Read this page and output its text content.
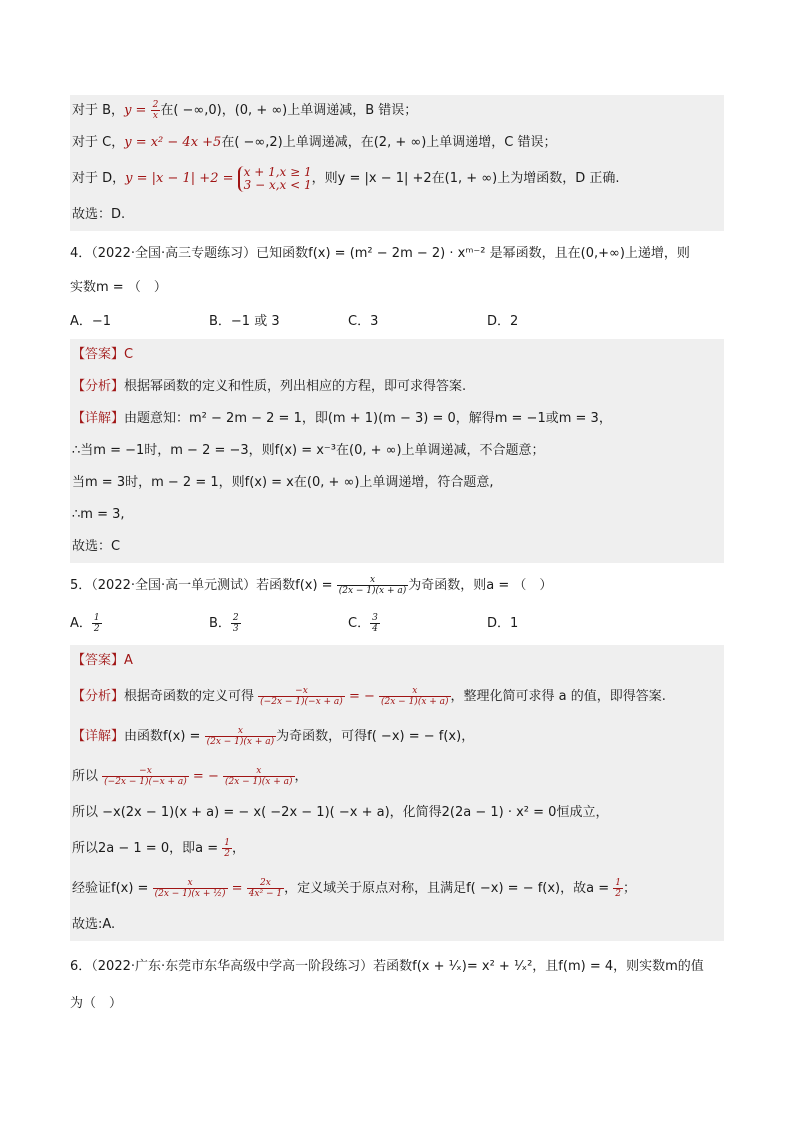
对于 B，$y = \frac{2}{x}$ 在( −∞,0)，(0, + ∞)上单调递减，B 错误；
对于 C，y = x² − 4x +5在( −∞,2)上单调递减，在(2, + ∞)上单调递增，C 错误；
对于 D，y = |x − 1| +2 = x + 1,x ≥ 1
3 − x,x < 1 ，则y = |x − 1| +2在(1, + ∞)上为增函数，D 正确.
故选：D.
4．（2022·全国·高三专题练习）已知函数f(x) = (m² − 2m − 2) · xᵐ⁻² 是幂函数，且在(0,+∞)上递增，则
实数m = （　）
A．−1	B．−1 或 3	C．3	D．2
【答案】C
【分析】根据幂函数的定义和性质，列出相应的方程，即可求得答案.
【详解】由题意知：m² − 2m − 2 = 1，即(m + 1)(m − 3) = 0，解得m = −1或m = 3，
∴当m = −1时，m − 2 = −3，则f(x) = x⁻³在(0, + ∞)上单调递减，不合题意；
当m = 3时，m − 2 = 1，则f(x) = x在(0, + ∞)上单调递增，符合题意,
∴m = 3,
故选：C
5．（2022·全国·高一单元测试）若函数$f(x) = \frac{x}{(2x - 1)(x + a)}$ 为奇函数，则a = （　）
A． $\frac{1}{2}$	B． $\frac{2}{3}$	C． $\frac{3}{4}$	D．1
【答案】A
【分析】根据奇函数的定义可得 $\frac{-x}{(-2x - 1)(-x + a)}$ = − $\frac{x}{(2x - 1)(x + a)}$ ，整理化简可求得 a 的值，即得答案.
【详解】由函数$f(x) = \frac{x}{(2x - 1)(x + a)}$ 为奇函数，可得f( −x) = − f(x)，
所以 $\frac{-x}{(-2x - 1)(-x + a)}$ = − $\frac{x}{(2x - 1)(x + a)}$ ，
所以 −x(2x − 1)(x + a) = − x( −2x − 1)( −x + a)，化简得2(2a − 1) · x² = 0恒成立，
所以2a − 1 = 0，即$a = \frac{1}{2}$ ，
经验证$f(x) = \frac{x}{\text{(2x − 1)(x + ½)}} = \frac{2x}{\text{4x² − 1}}$ ，定义域关于原点对称，且满足f( −x) = − f(x)，故$a = \frac{1}{2}$ ；
故选:A.
6．（2022·广东·东莞市东华高级中学高一阶段练习）若函数f(x + ¹⁄ₓ)= x² + ¹⁄ₓ²，且f(m) = 4，则实数m的值
为（　）
